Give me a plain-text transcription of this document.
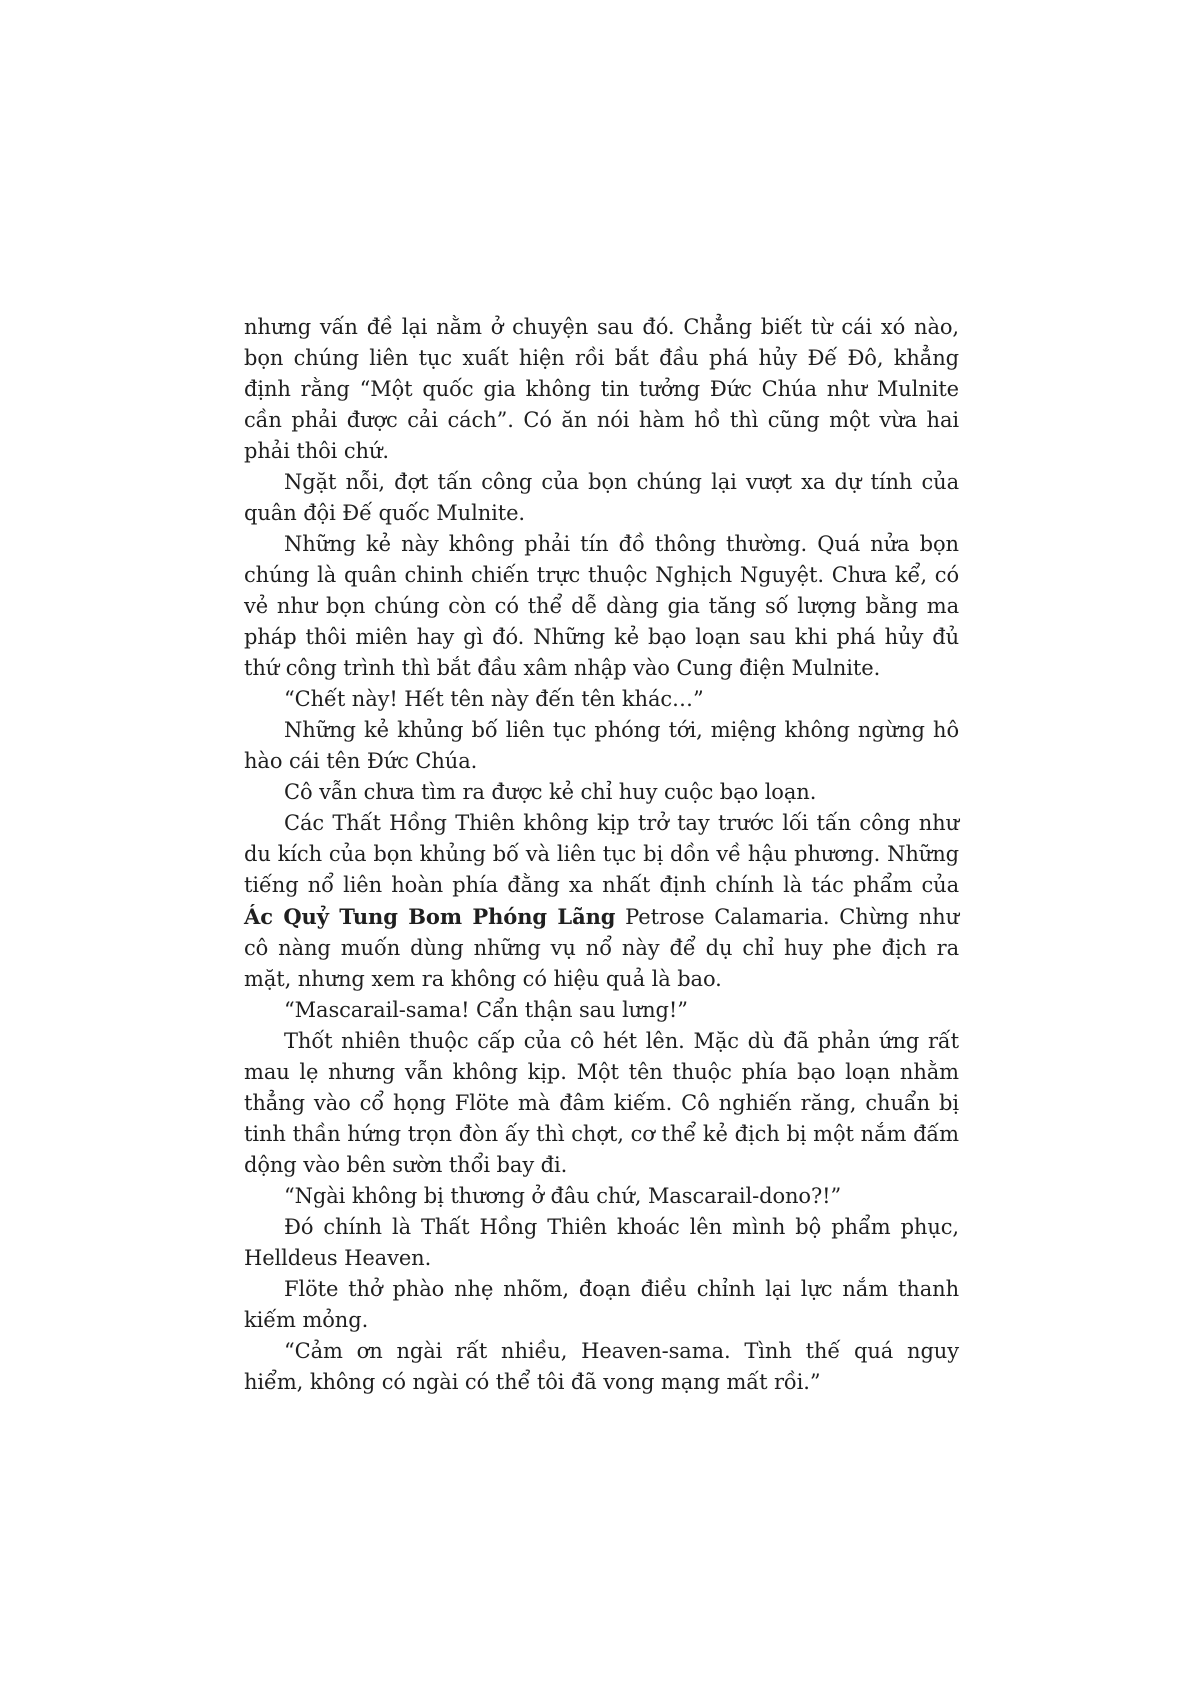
nhưng vấn đề lại nằm ở chuyện sau đó. Chẳng biết từ cái xó nào, bọn chúng liên tục xuất hiện rồi bắt đầu phá hủy Đế Đô, khẳng định rằng “Một quốc gia không tin tưởng Đức Chúa như Mulnite cần phải được cải cách”. Có ăn nói hàm hồ thì cũng một vừa hai phải thôi chứ.

Ngặt nỗi, đợt tấn công của bọn chúng lại vượt xa dự tính của quân đội Đế quốc Mulnite.

Những kẻ này không phải tín đồ thông thường. Quá nửa bọn chúng là quân chinh chiến trực thuộc Nghịch Nguyệt. Chưa kể, có vẻ như bọn chúng còn có thể dễ dàng gia tăng số lượng bằng ma pháp thôi miên hay gì đó. Những kẻ bạo loạn sau khi phá hủy đủ thứ công trình thì bắt đầu xâm nhập vào Cung điện Mulnite.

“Chết này! Hết tên này đến tên khác…”

Những kẻ khủng bố liên tục phóng tới, miệng không ngừng hô hào cái tên Đức Chúa.

Cô vẫn chưa tìm ra được kẻ chỉ huy cuộc bạo loạn.

Các Thất Hồng Thiên không kịp trở tay trước lối tấn công như du kích của bọn khủng bố và liên tục bị dồn về hậu phương. Những tiếng nổ liên hoàn phía đằng xa nhất định chính là tác phẩm của Ác Quỷ Tung Bom Phóng Lãng Petrose Calamaria. Chừng như cô nàng muốn dùng những vụ nổ này để dụ chỉ huy phe địch ra mặt, nhưng xem ra không có hiệu quả là bao.

“Mascarail-sama! Cẩn thận sau lưng!”

Thốt nhiên thuộc cấp của cô hét lên. Mặc dù đã phản ứng rất mau lẹ nhưng vẫn không kịp. Một tên thuộc phía bạo loạn nhằm thẳng vào cổ họng Flöte mà đâm kiếm. Cô nghiến răng, chuẩn bị tinh thần hứng trọn đòn ấy thì chợt, cơ thể kẻ địch bị một nắm đấm dộng vào bên sườn thổi bay đi.

“Ngài không bị thương ở đâu chứ, Mascarail-dono?!”

Đó chính là Thất Hồng Thiên khoác lên mình bộ phẩm phục, Helldeus Heaven.

Flöte thở phào nhẹ nhõm, đoạn điều chỉnh lại lực nắm thanh kiếm mỏng.

“Cảm ơn ngài rất nhiều, Heaven-sama. Tình thế quá nguy hiểm, không có ngài có thể tôi đã vong mạng mất rồi.”
